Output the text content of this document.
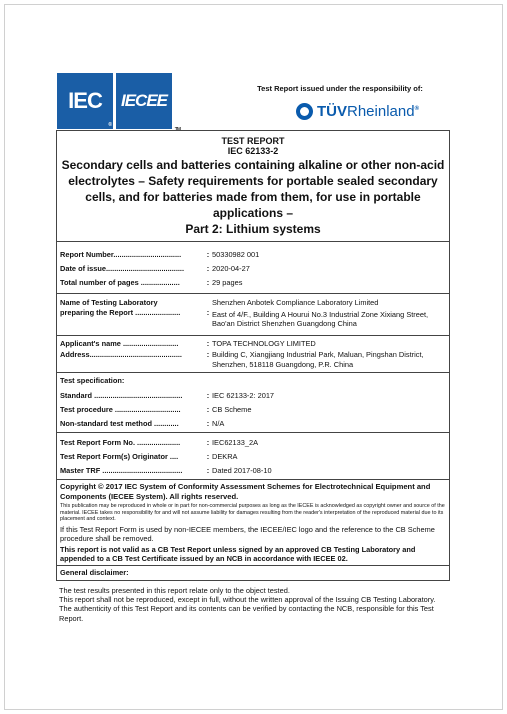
IEC
®
IECEE
TM
Test Report issued under the responsibility of:
TÜVRheinland®
TEST REPORT
IEC 62133-2
Secondary cells and batteries containing alkaline or other non-acid
electrolytes – Safety requirements for portable sealed secondary
cells, and for batteries made from them, for use in portable
applications –
Part 2: Lithium systems
Report Number.................................	: 50330982 001
Date of issue......................................	: 2020-04-27
Total number of pages ...................	: 29 pages
Name of Testing Laboratory
preparing the Report ......................	:
Shenzhen Anbotek Compliance Laboratory Limited
East of 4/F., Building A Hourui No.3 Industrial Zone Xixiang Street, Bao'an District Shenzhen Guangdong China
Applicant's name ...........................	: TOPA TECHNOLOGY LIMITED
Address.............................................	: Building C, Xiangjiang Industrial Park, Maluan, Pingshan District, Shenzhen, 518118 Guangdong, P.R. China
Test specification:
Standard ...........................................	: IEC 62133-2: 2017
Test procedure ................................	: CB Scheme
Non-standard test method ............	: N/A
Test Report Form No. .....................	: IEC62133_2A
Test Report Form(s) Originator ....	: DEKRA
Master TRF .......................................	: Dated 2017-08-10
Copyright © 2017 IEC System of Conformity Assessment Schemes for Electrotechnical Equipment and Components (IECEE System). All rights reserved.
This publication may be reproduced in whole or in part for non-commercial purposes as long as the IECEE is acknowledged as copyright owner and source of the material. IECEE takes no responsibility for and will not assume liability for damages resulting from the reader's interpretation of the reproduced material due to its placement and context.
If this Test Report Form is used by non-IECEE members, the IECEE/IEC logo and the reference to the CB Scheme procedure shall be removed.
This report is not valid as a CB Test Report unless signed by an approved CB Testing Laboratory and appended to a CB Test Certificate issued by an NCB in accordance with IECEE 02.
General disclaimer:
The test results presented in this report relate only to the object tested.
This report shall not be reproduced, except in full, without the written approval of the Issuing CB Testing Laboratory. The authenticity of this Test Report and its contents can be verified by contacting the NCB, responsible for this Test Report.
